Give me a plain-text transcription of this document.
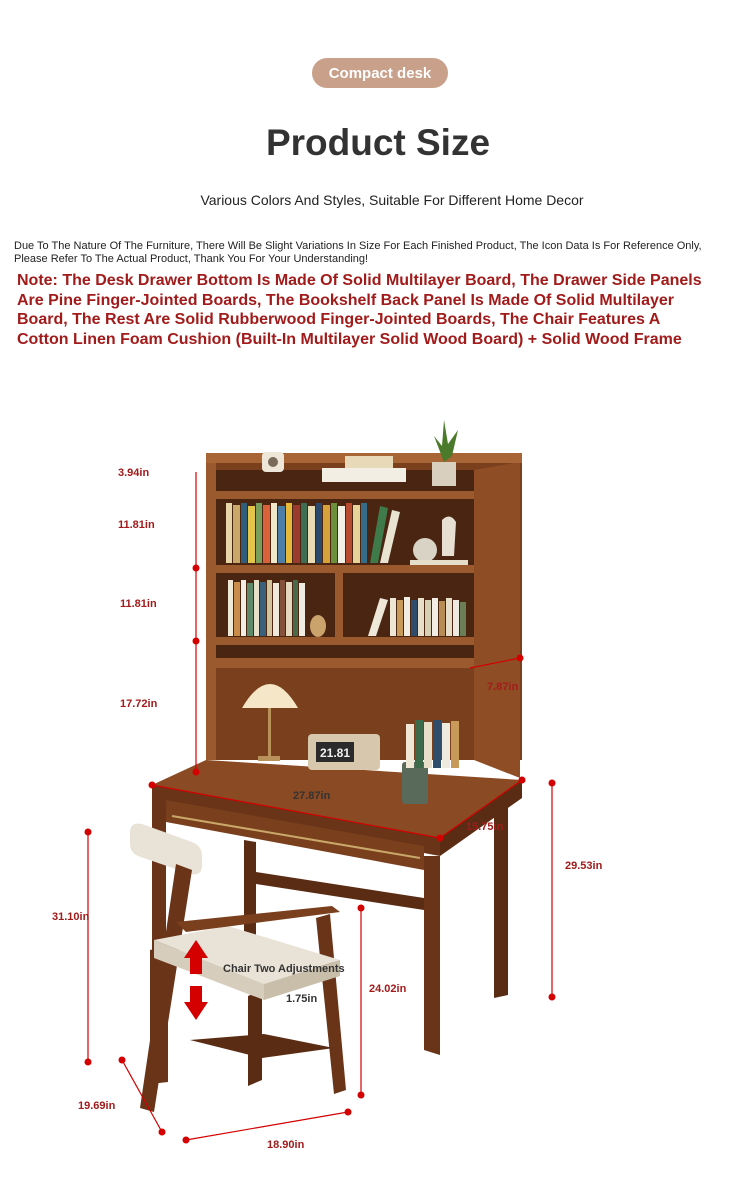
Compact desk
Product Size
Various Colors And Styles, Suitable For Different Home Decor
Due To The Nature Of The Furniture, There Will Be Slight Variations In Size For Each Finished Product, The Icon Data Is For Reference Only, Please Refer To The Actual Product, Thank You For Your Understanding!
Note: The Desk Drawer Bottom Is Made Of Solid Multilayer Board, The Drawer Side Panels Are Pine Finger-Jointed Boards, The Bookshelf Back Panel Is Made Of Solid Multilayer Board, The Rest Are Solid Rubberwood Finger-Jointed Boards, The Chair Features A Cotton Linen Foam Cushion (Built-In Multilayer Solid Wood Board) + Solid Wood Frame
21.81
3.94in
11.81in
11.81in
17.72in
7.87in
27.87in
15.75in
29.53in
31.10in
Chair Two Adjustments
1.75in
24.02in
19.69in
18.90in
